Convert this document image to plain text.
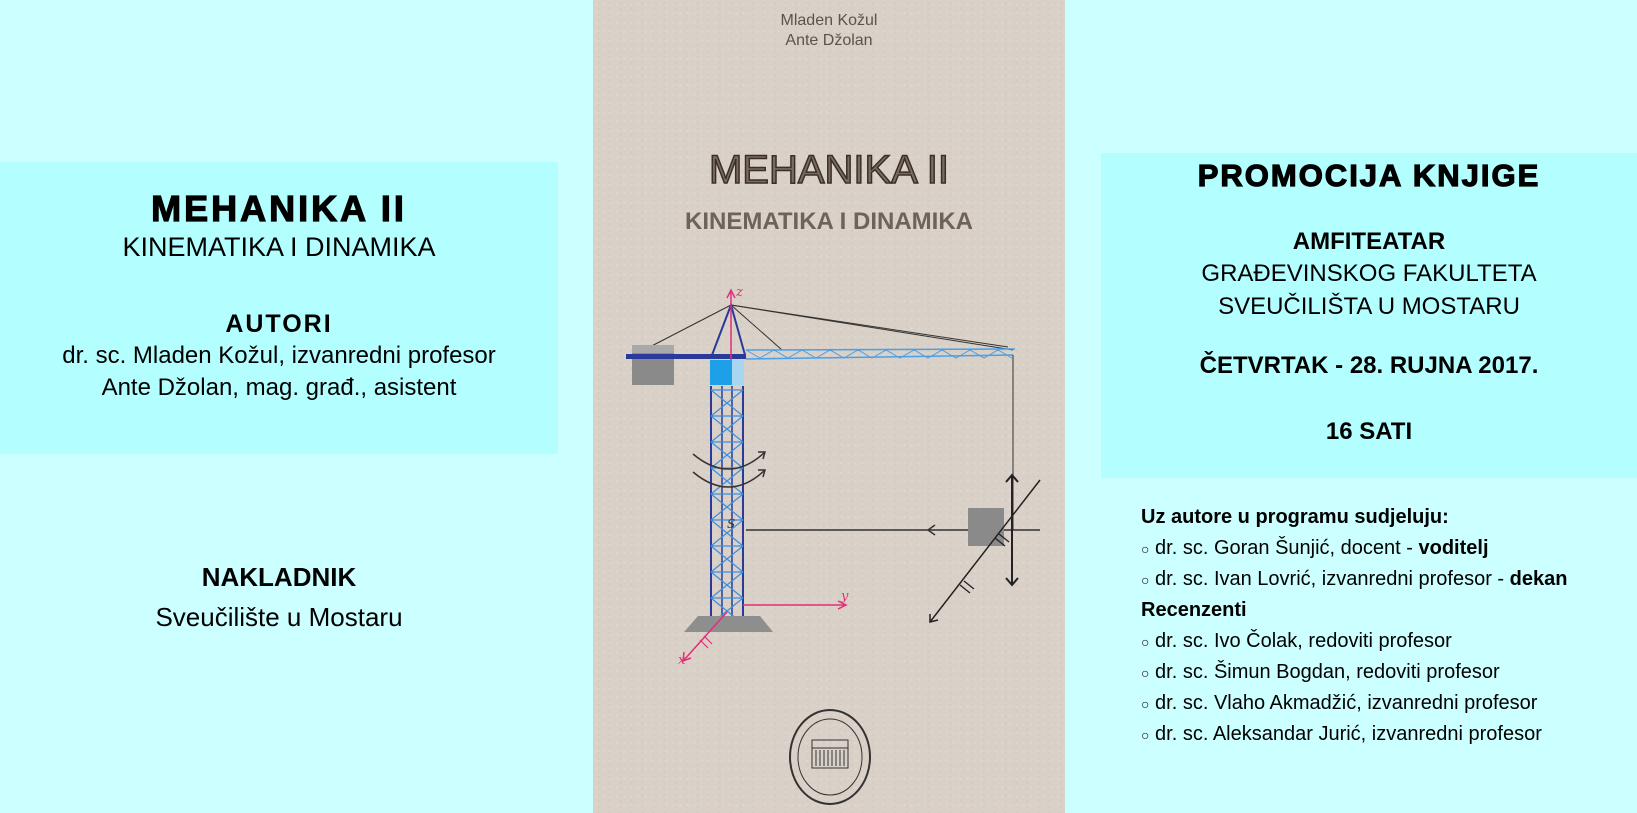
MEHANIKA II
KINEMATIKA I DINAMIKA
AUTORI
dr. sc. Mladen Kožul, izvanredni profesor
Ante Džolan, mag. građ., asistent
NAKLADNIK
Sveučilište u Mostaru
Mladen Kožul
Ante Džolan
MEHANIKA II
KINEMATIKA I DINAMIKA
z
y
x
S
PROMOCIJA KNJIGE
AMFITEATAR
GRAĐEVINSKOG FAKULTETA
SVEUČILIŠTA U MOSTARU
ČETVRTAK - 28. RUJNA 2017.
16 SATI
Uz autore u programu sudjeluju:
○ dr. sc. Goran Šunjić, docent - voditelj
○ dr. sc. Ivan Lovrić, izvanredni profesor - dekan
Recenzenti
○ dr. sc. Ivo Čolak, redoviti profesor
○ dr. sc. Šimun Bogdan, redoviti profesor
○ dr. sc. Vlaho Akmadžić, izvanredni profesor
○ dr. sc. Aleksandar Jurić, izvanredni profesor
